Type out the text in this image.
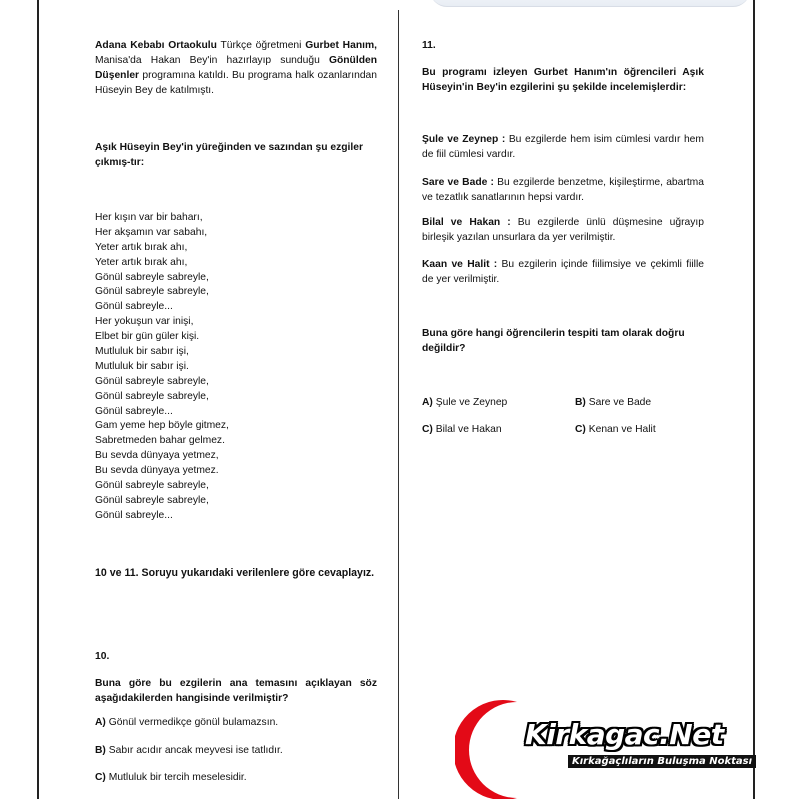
Adana Kebabı Ortaokulu Türkçe öğretmeni Gurbet Hanım, Manisa'da Hakan Bey'in hazırlayıp sunduğu Gönülden Düşenler programına katıldı. Bu programa halk ozanlarından Hüseyin Bey de katılmıştı.
Aşık Hüseyin Bey'in yüreğinden ve sazından şu ezgiler çıkmış-tır:
Her kışın var bir baharı,
Her akşamın var sabahı,
Yeter artık bırak ahı,
Yeter artık bırak ahı,
Gönül sabreyle sabreyle,
Gönül sabreyle sabreyle,
Gönül sabreyle...
Her yokuşun var inişi,
Elbet bir gün güler kişi.
Mutluluk bir sabır işi,
Mutluluk bir sabır işi.
Gönül sabreyle sabreyle,
Gönül sabreyle sabreyle,
Gönül sabreyle...
Gam yeme hep böyle gitmez,
Sabretmeden bahar gelmez.
Bu sevda dünyaya yetmez,
Bu sevda dünyaya yetmez.
Gönül sabreyle sabreyle,
Gönül sabreyle sabreyle,
Gönül sabreyle...
10 ve 11. Soruyu yukarıdaki verilenlere göre cevaplayız.
10.
Buna göre bu ezgilerin ana temasını açıklayan söz aşağıdakilerden hangisinde verilmiştir?
A) Gönül vermedikçe gönül bulamazsın.
B) Sabır acıdır ancak meyvesi ise tatlıdır.
C) Mutluluk bir tercih meselesidir.
11.
Bu programı izleyen Gurbet Hanım'ın öğrencileri Aşık Hüseyin'in Bey'in ezgilerini şu şekilde incelemişlerdir:
Şule ve Zeynep : Bu ezgilerde hem isim cümlesi vardır hem de fiil cümlesi vardır.
Sare ve Bade : Bu ezgilerde benzetme, kişileştirme, abartma ve tezatlık sanatlarının hepsi vardır.
Bilal ve Hakan : Bu ezgilerde ünlü düşmesine uğrayıp birleşik yazılan unsurlara da yer verilmiştir.
Kaan ve Halit : Bu ezgilerin içinde fiilimsiye ve çekimli fiille de yer verilmiştir.
Buna göre hangi öğrencilerin tespiti tam olarak doğru değildir?
A) Şule ve Zeynep	B) Sare ve Bade
C) Bilal ve Hakan	C) Kenan ve Halit
Kirkagac.Net
Kırkağaçlıların Buluşma Noktası
